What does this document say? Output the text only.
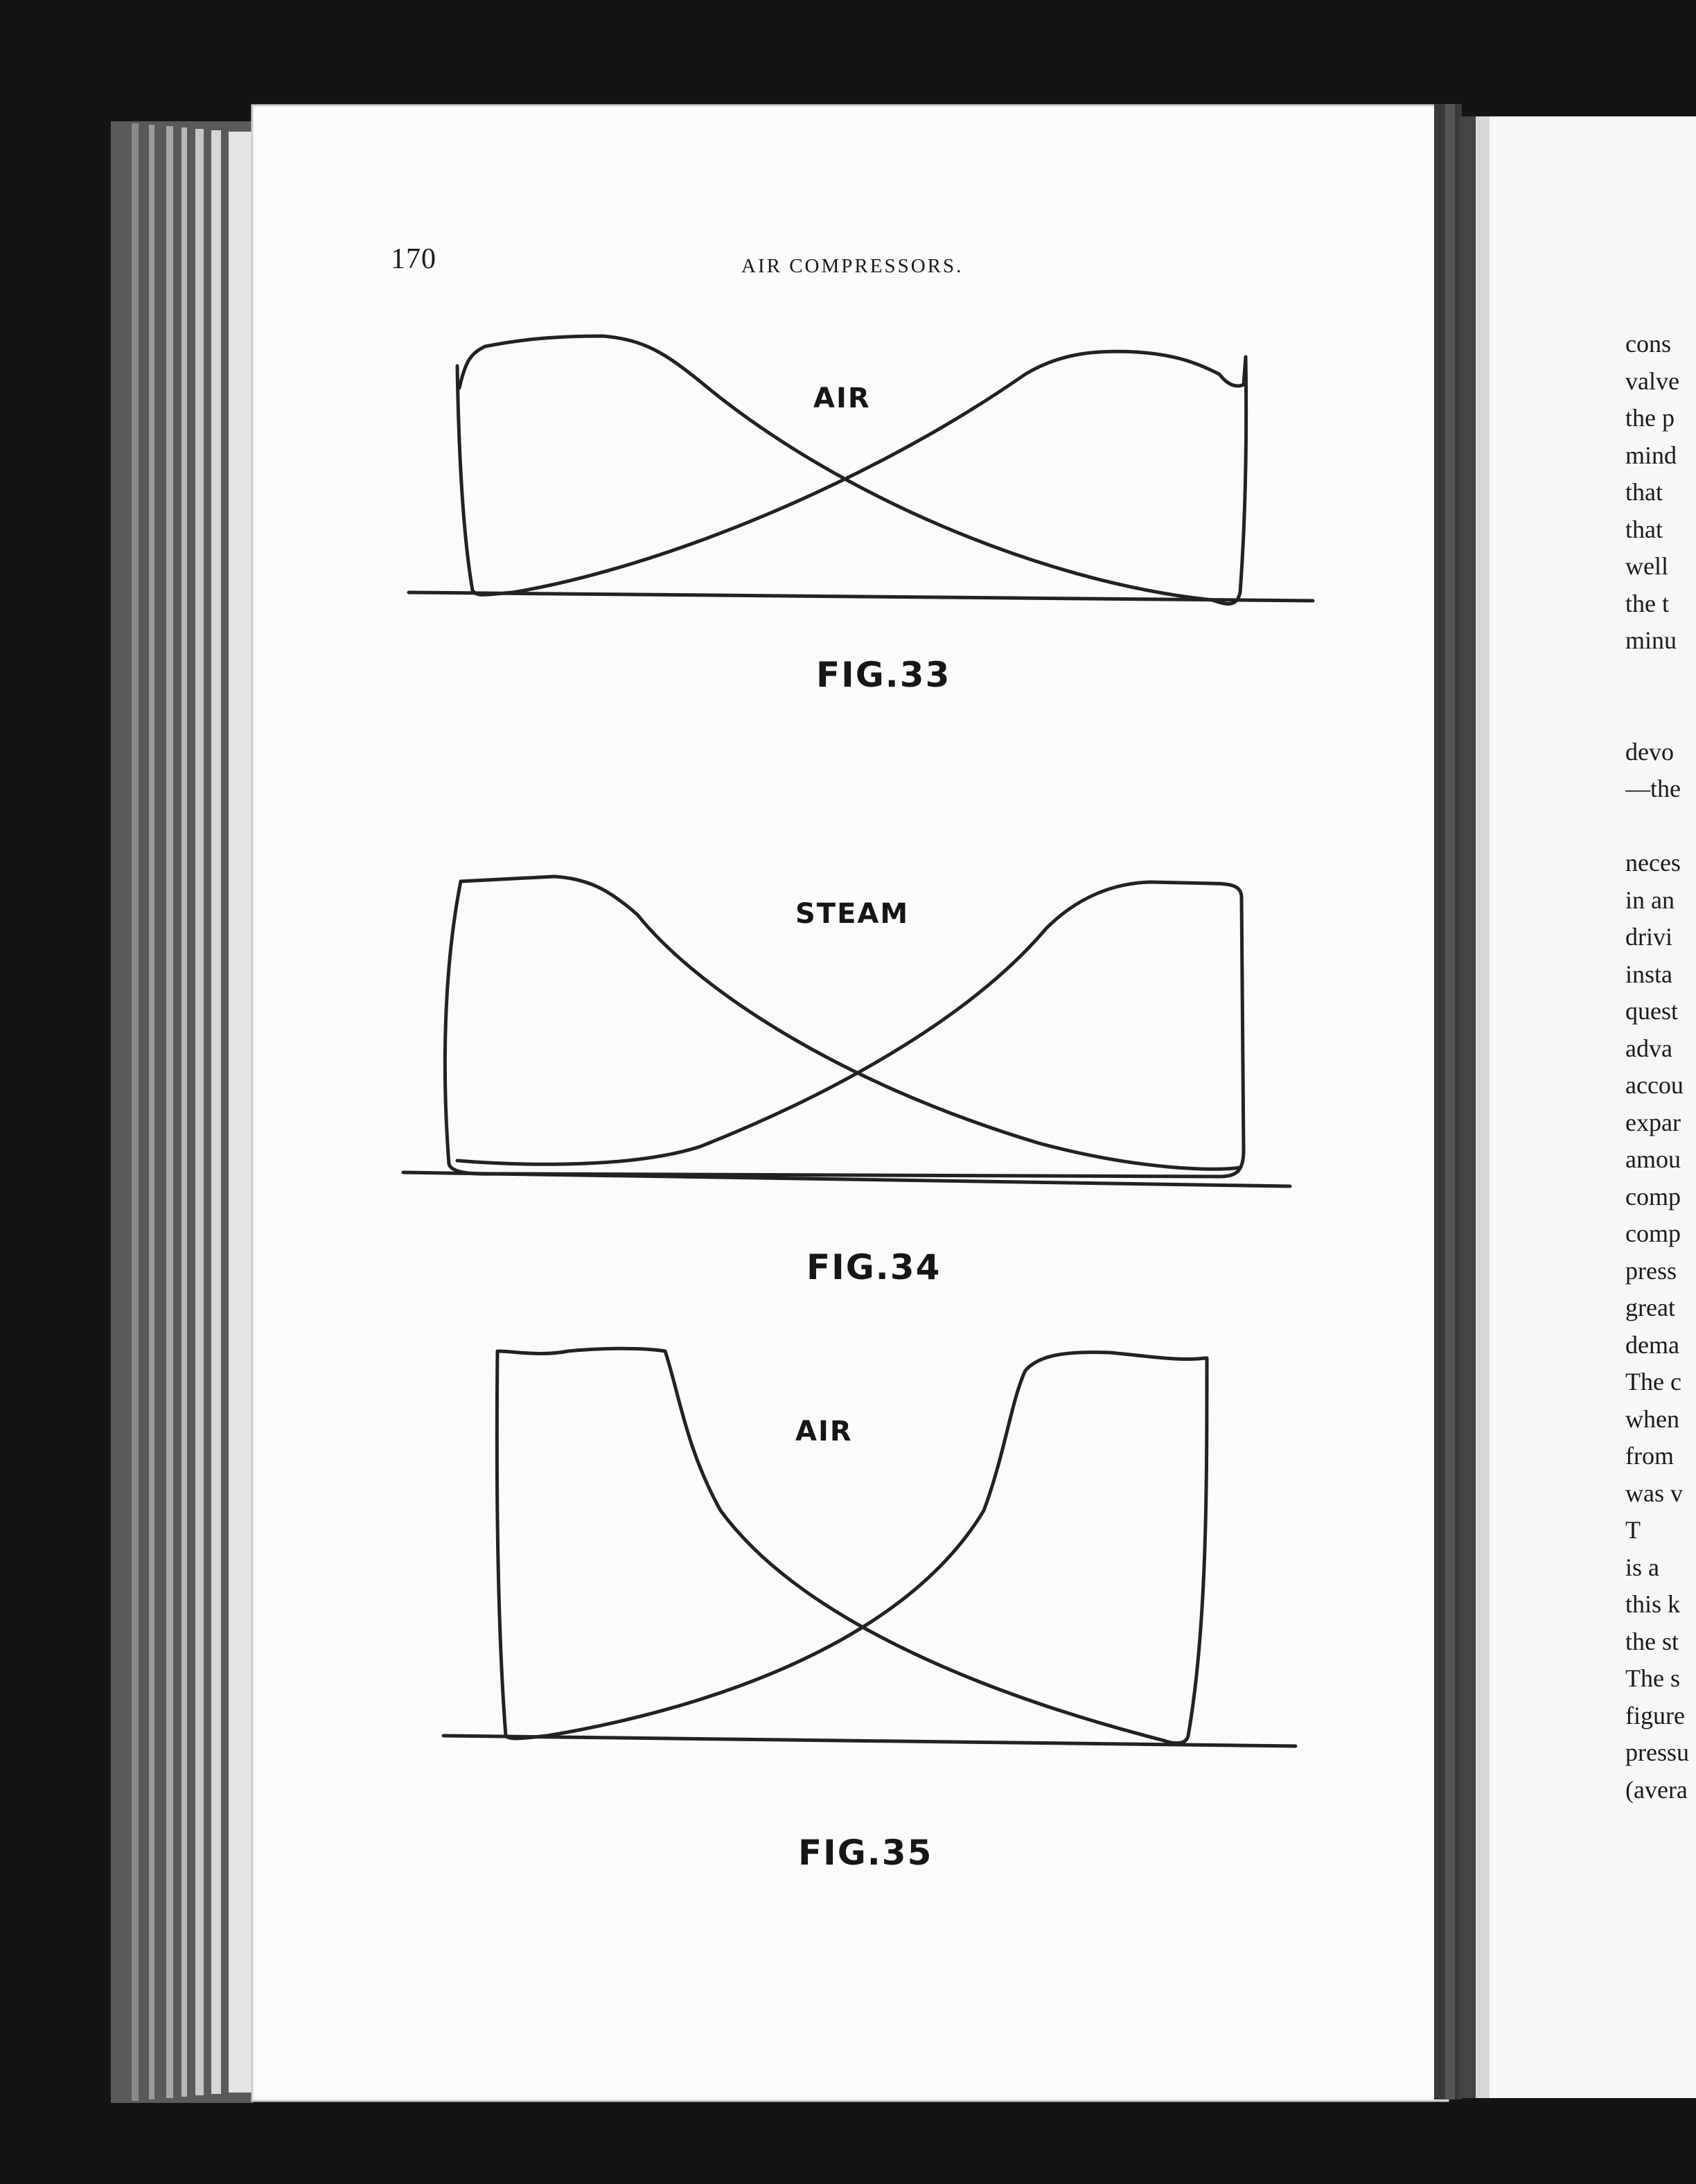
170	AIR COMPRESSORS.
AIR
FIG.33
STEAM
FIG.34
AIR
FIG.35
cons
valve
the p
mind
that
that
well
the t
minu
devo
—the
neces
in an
drivi
insta
quest
adva
accou
expar
amou
comp
comp
press
great
dema
The c
when
from
was v
T
is a
this k
the st
The s
figure
pressu
(avera
